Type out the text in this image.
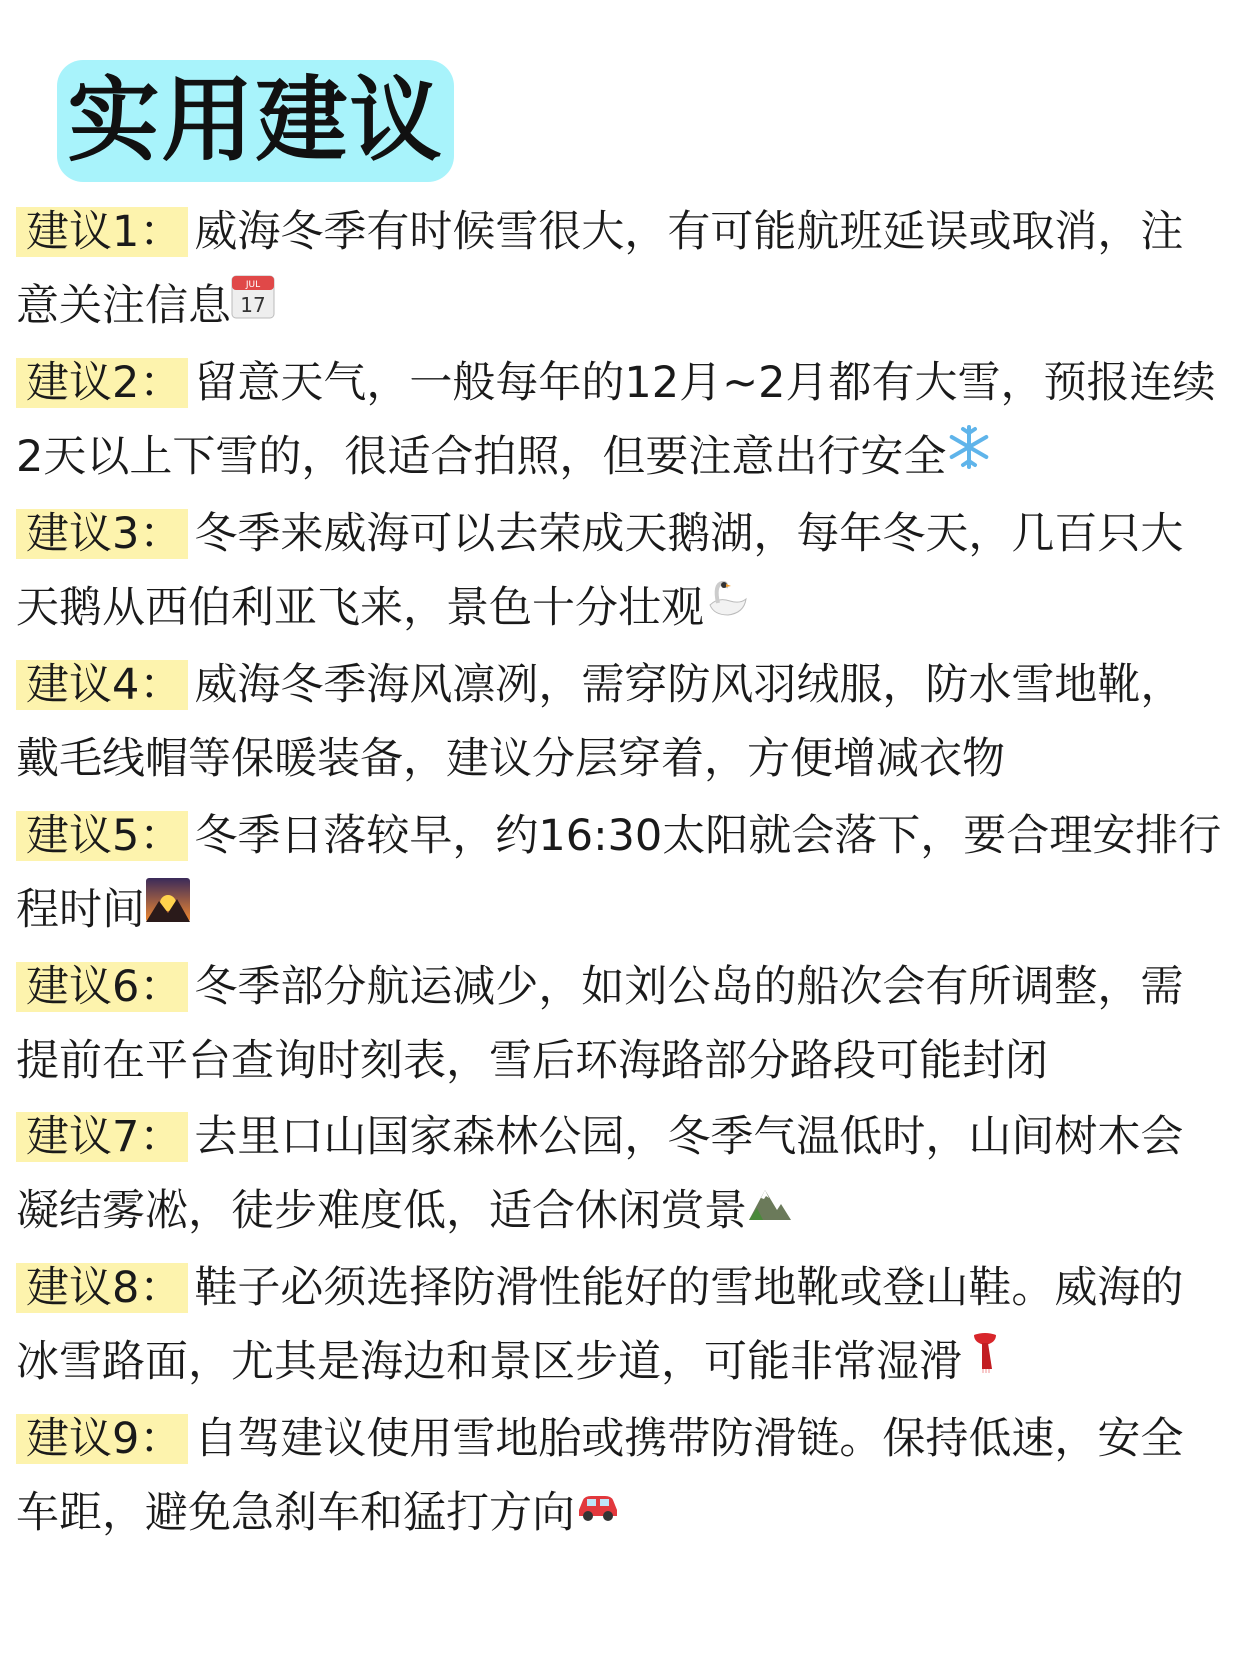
实用建议
建议1： 威海冬季有时候雪很大，有可能航班延误或取消，注意关注信息 JUL
17
建议2： 留意天气，一般每年的12月~2月都有大雪，预报连续2天以上下雪的，很适合拍照，但要注意出行安全
建议3： 冬季来威海可以去荣成天鹅湖，每年冬天，几百只大天鹅从西伯利亚飞来，景色十分壮观
建议4： 威海冬季海风凛冽，需穿防风羽绒服，防水雪地靴，戴毛线帽等保暖装备，建议分层穿着，方便增减衣物
建议5： 冬季日落较早，约16:30太阳就会落下，要合理安排行程时间
建议6： 冬季部分航运减少，如刘公岛的船次会有所调整，需提前在平台查询时刻表，雪后环海路部分路段可能封闭
建议7： 去里口山国家森林公园，冬季气温低时，山间树木会凝结雾凇，徒步难度低，适合休闲赏景
建议8： 鞋子必须选择防滑性能好的雪地靴或登山鞋。威海的冰雪路面，尤其是海边和景区步道，可能非常湿滑
建议9： 自驾建议使用雪地胎或携带防滑链。保持低速，安全车距，避免急刹车和猛打方向
